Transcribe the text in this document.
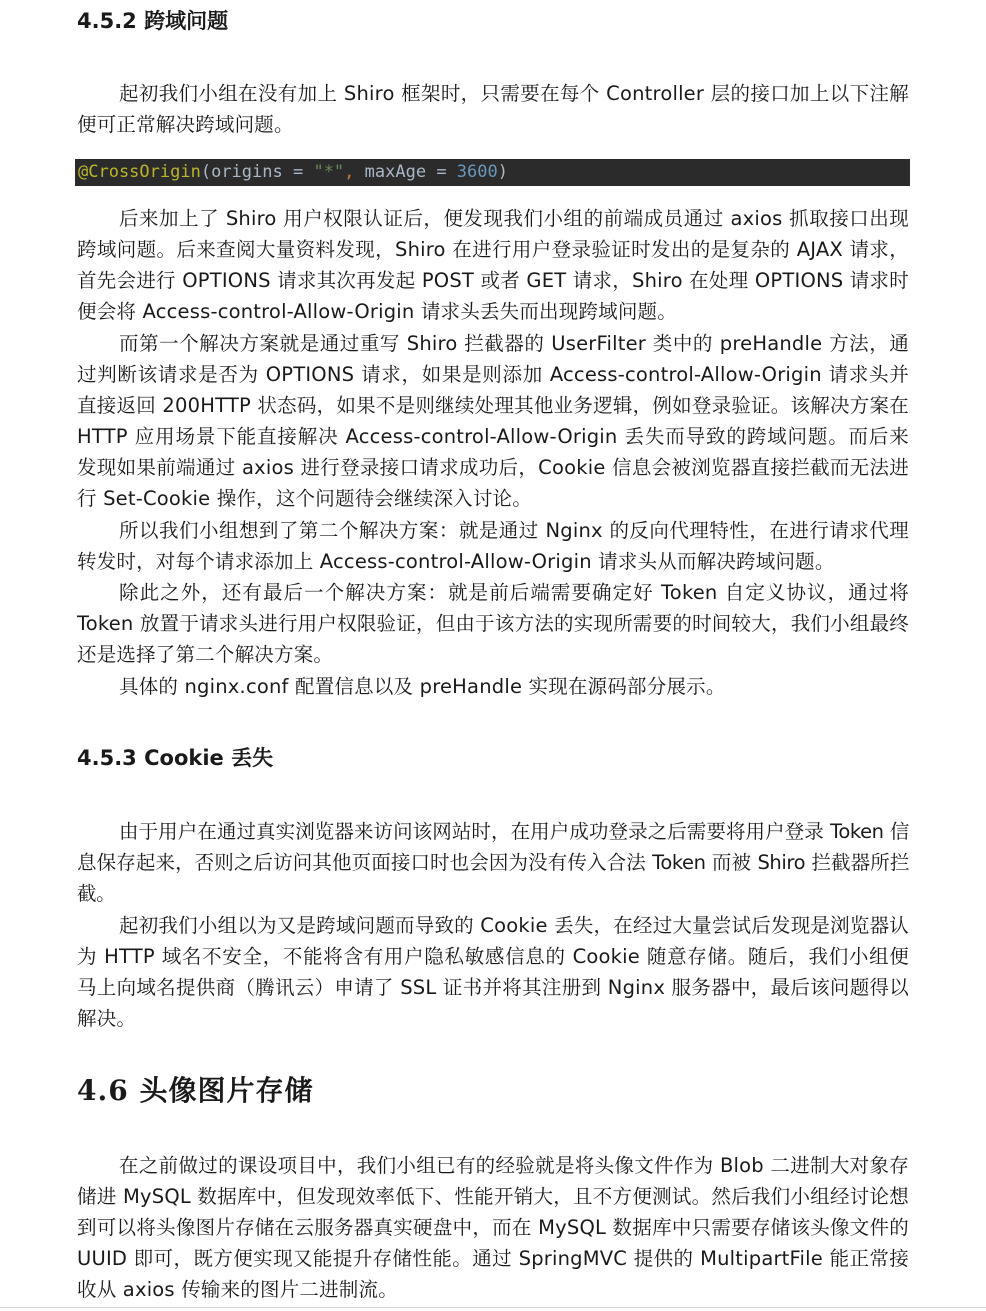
4.5.2 跨域问题

起初我们小组在没有加上 Shiro 框架时，只需要在每个 Controller 层的接口加上以下注解便可正常解决跨域问题。

@CrossOrigin(origins = "*", maxAge = 3600)

后来加上了 Shiro 用户权限认证后，便发现我们小组的前端成员通过 axios 抓取接口出现跨域问题。后来查阅大量资料发现，Shiro 在进行用户登录验证时发出的是复杂的 AJAX 请求，首先会进行 OPTIONS 请求其次再发起 POST 或者 GET 请求，Shiro 在处理 OPTIONS 请求时便会将 Access-control-Allow-Origin 请求头丢失而出现跨域问题。

而第一个解决方案就是通过重写 Shiro 拦截器的 UserFilter 类中的 preHandle 方法，通过判断该请求是否为 OPTIONS 请求，如果是则添加 Access-control-Allow-Origin 请求头并直接返回 200HTTP 状态码，如果不是则继续处理其他业务逻辑，例如登录验证。该解决方案在 HTTP 应用场景下能直接解决 Access-control-Allow-Origin 丢失而导致的跨域问题。而后来发现如果前端通过 axios 进行登录接口请求成功后，Cookie 信息会被浏览器直接拦截而无法进行 Set-Cookie 操作，这个问题待会继续深入讨论。

所以我们小组想到了第二个解决方案：就是通过 Nginx 的反向代理特性，在进行请求代理转发时，对每个请求添加上 Access-control-Allow-Origin 请求头从而解决跨域问题。

除此之外，还有最后一个解决方案：就是前后端需要确定好 Token 自定义协议，通过将 Token 放置于请求头进行用户权限验证，但由于该方法的实现所需要的时间较大，我们小组最终还是选择了第二个解决方案。

具体的 nginx.conf 配置信息以及 preHandle 实现在源码部分展示。

4.5.3 Cookie 丢失

由于用户在通过真实浏览器来访问该网站时，在用户成功登录之后需要将用户登录 Token 信息保存起来，否则之后访问其他页面接口时也会因为没有传入合法 Token 而被 Shiro 拦截器所拦截。

起初我们小组以为又是跨域问题而导致的 Cookie 丢失，在经过大量尝试后发现是浏览器认为 HTTP 域名不安全，不能将含有用户隐私敏感信息的 Cookie 随意存储。随后，我们小组便马上向域名提供商（腾讯云）申请了 SSL 证书并将其注册到 Nginx 服务器中，最后该问题得以解决。

4.6 头像图片存储

在之前做过的课设项目中，我们小组已有的经验就是将头像文件作为 Blob 二进制大对象存储进 MySQL 数据库中，但发现效率低下、性能开销大，且不方便测试。然后我们小组经讨论想到可以将头像图片存储在云服务器真实硬盘中，而在 MySQL 数据库中只需要存储该头像文件的 UUID 即可，既方便实现又能提升存储性能。通过 SpringMVC 提供的 MultipartFile 能正常接收从 axios 传输来的图片二进制流。
